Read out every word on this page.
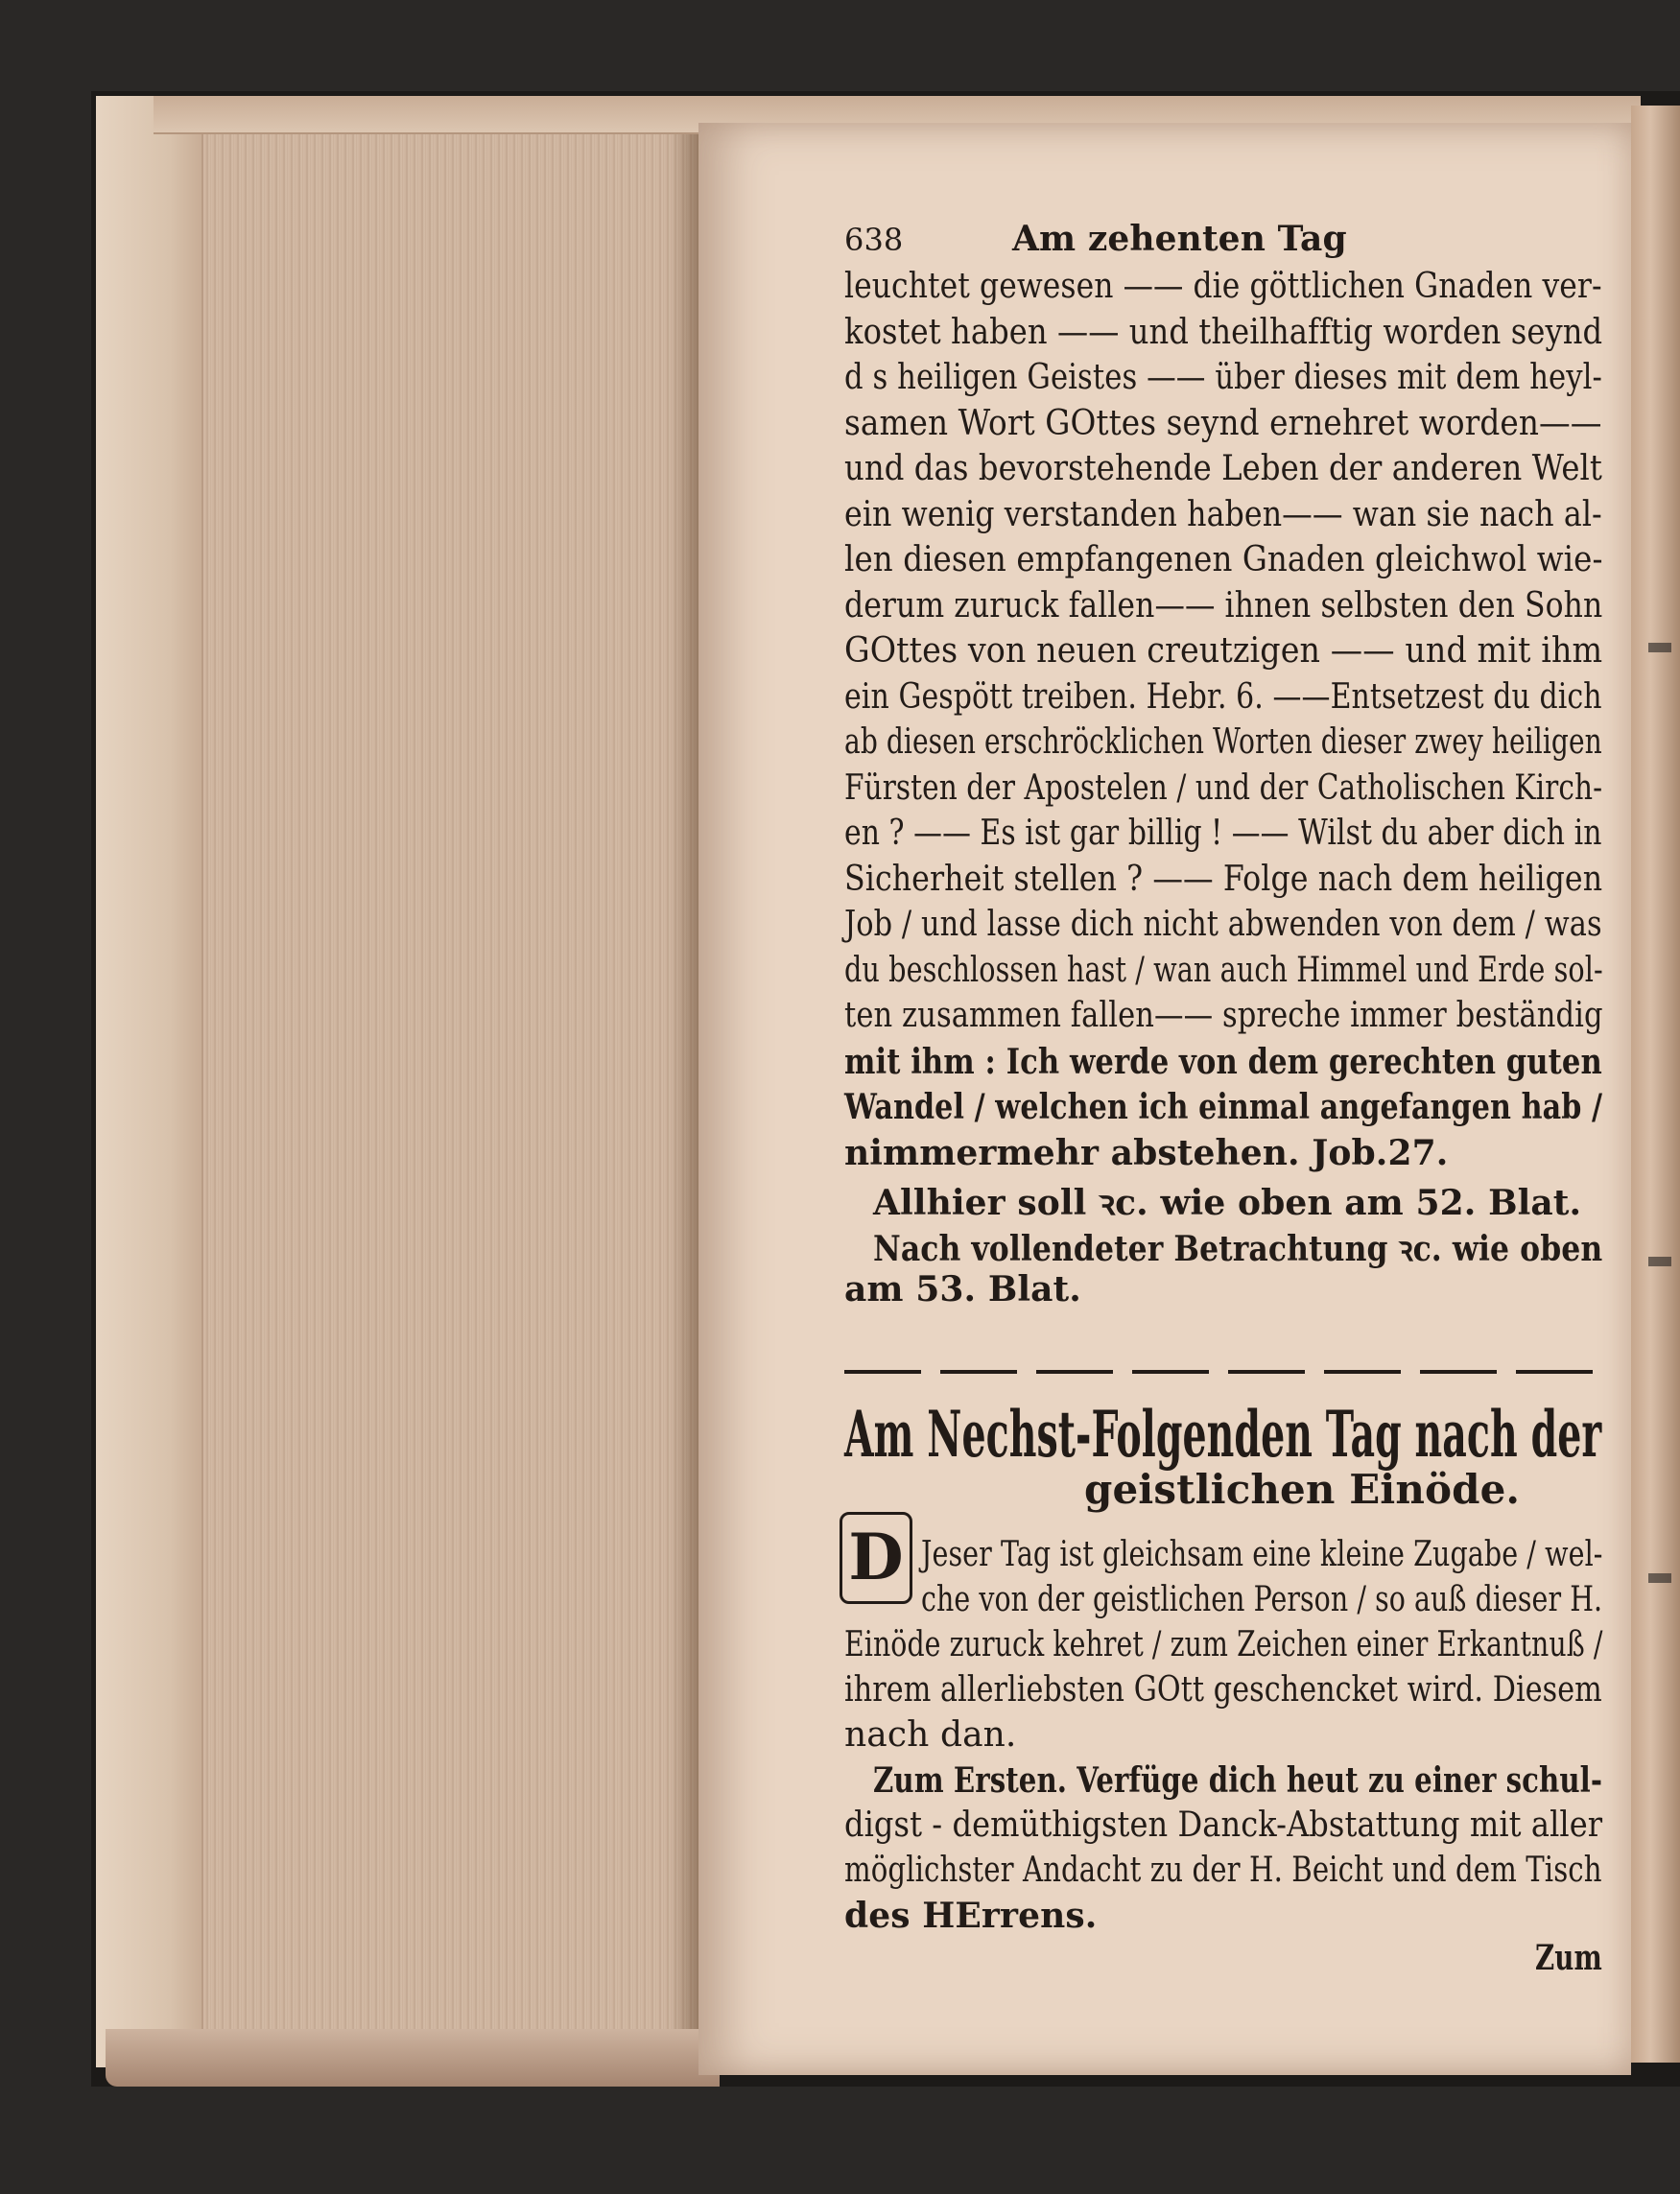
638	Am zehenten Tag
leuchtet gewesen —— die göttlichen Gnaden ver-
kostet haben —— und theilhafftig worden seynd
d s heiligen Geistes —— über dieses mit dem heyl-
samen Wort GOttes seynd ernehret worden——
und das bevorstehende Leben der anderen Welt
ein wenig verstanden haben—— wan sie nach al-
len diesen empfangenen Gnaden gleichwol wie-
derum zuruck fallen—— ihnen selbsten den Sohn
GOttes von neuen creutzigen —— und mit ihm
ein Gespött treiben. Hebr. 6. ——Entsetzest du dich
ab diesen erschröcklichen Worten dieser zwey heiligen
Fürsten der Apostelen / und der Catholischen Kirch-
en ? —— Es ist gar billig ! —— Wilst du aber dich in
Sicherheit stellen ? —— Folge nach dem heiligen
Job / und lasse dich nicht abwenden von dem / was
du beschlossen hast / wan auch Himmel und Erde sol-
ten zusammen fallen—— spreche immer beständig
mit ihm : Ich werde von dem gerechten guten
Wandel / welchen ich einmal angefangen hab /
nimmermehr abstehen. Job.27.
Allhier soll ꝛc. wie oben am 52. Blat.
Nach vollendeter Betrachtung ꝛc. wie oben
am 53. Blat.
Am Nechst-Folgenden Tag nach der
geistlichen Einöde.
D Jeser Tag ist gleichsam eine kleine Zugabe / wel-
che von der geistlichen Person / so auß dieser H.
Einöde zuruck kehret / zum Zeichen einer Erkantnuß /
ihrem allerliebsten GOtt geschencket wird. Diesem
nach dan.
Zum Ersten. Verfüge dich heut zu einer schul-
digst - demüthigsten Danck-Abstattung mit aller
möglichster Andacht zu der H. Beicht und dem Tisch
des HErrens.
Zum
